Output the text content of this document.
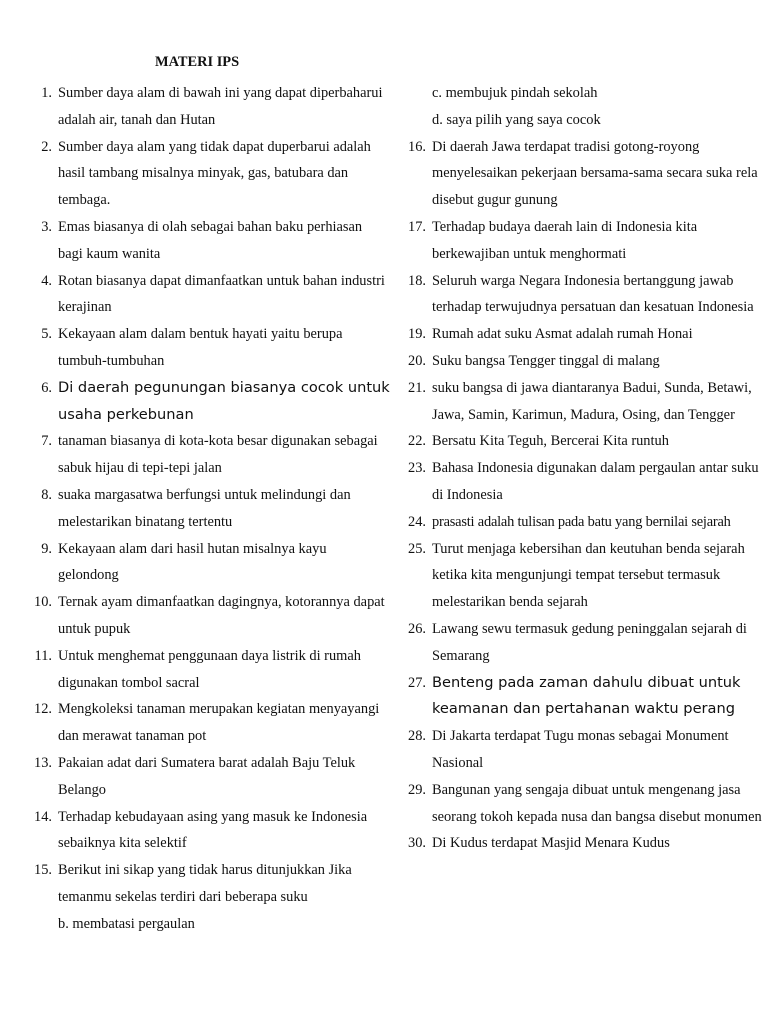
MATERI IPS
1. Sumber daya alam di bawah ini yang dapat diperbaharui adalah air, tanah dan Hutan
2. Sumber daya alam yang tidak dapat duperbarui adalah hasil tambang misalnya minyak, gas, batubara dan tembaga.
3. Emas biasanya di olah sebagai bahan baku perhiasan bagi kaum wanita
4. Rotan biasanya dapat dimanfaatkan untuk bahan industri kerajinan
5. Kekayaan alam dalam bentuk hayati yaitu berupa tumbuh-tumbuhan
6. Di daerah pegunungan biasanya cocok untuk usaha perkebunan
7. tanaman biasanya di kota-kota besar digunakan sebagai sabuk hijau di tepi-tepi jalan
8. suaka margasatwa berfungsi untuk melindungi dan melestarikan binatang tertentu
9. Kekayaan alam dari hasil hutan misalnya kayu gelondong
10. Ternak ayam dimanfaatkan dagingnya, kotorannya dapat untuk pupuk
11. Untuk menghemat penggunaan daya listrik di rumah digunakan tombol sacral
12. Mengkoleksi tanaman merupakan kegiatan menyayangi dan merawat tanaman pot
13. Pakaian adat dari Sumatera barat adalah Baju Teluk Belango
14. Terhadap kebudayaan asing yang masuk ke Indonesia sebaiknya kita selektif
15. Berikut ini sikap yang tidak harus ditunjukkan Jika temanmu sekelas terdiri dari beberapa suku
b. membatasi pergaulan
c. membujuk pindah sekolah
d. saya pilih yang saya cocok
16. Di daerah Jawa terdapat tradisi gotong-royong menyelesaikan pekerjaan bersama-sama secara suka rela disebut gugur gunung
17. Terhadap budaya daerah lain di Indonesia kita berkewajiban untuk menghormati
18. Seluruh warga Negara Indonesia bertanggung jawab terhadap terwujudnya persatuan dan kesatuan Indonesia
19. Rumah adat suku Asmat adalah rumah Honai
20. Suku bangsa Tengger tinggal di malang
21. suku bangsa di jawa diantaranya Badui, Sunda, Betawi, Jawa, Samin, Karimun, Madura, Osing, dan Tengger
22. Bersatu Kita Teguh, Bercerai Kita runtuh
23. Bahasa Indonesia digunakan dalam pergaulan antar suku di Indonesia
24. prasasti adalah tulisan pada batu yang bernilai sejarah
25. Turut menjaga kebersihan dan keutuhan benda sejarah ketika kita mengunjungi tempat tersebut termasuk melestarikan benda sejarah
26. Lawang sewu termasuk gedung peninggalan sejarah di Semarang
27. Benteng pada zaman dahulu dibuat untuk keamanan dan pertahanan waktu perang
28. Di Jakarta terdapat Tugu monas sebagai Monument Nasional
29. Bangunan yang sengaja dibuat untuk mengenang jasa seorang tokoh kepada nusa dan bangsa disebut monumen
30. Di Kudus terdapat Masjid Menara Kudus
